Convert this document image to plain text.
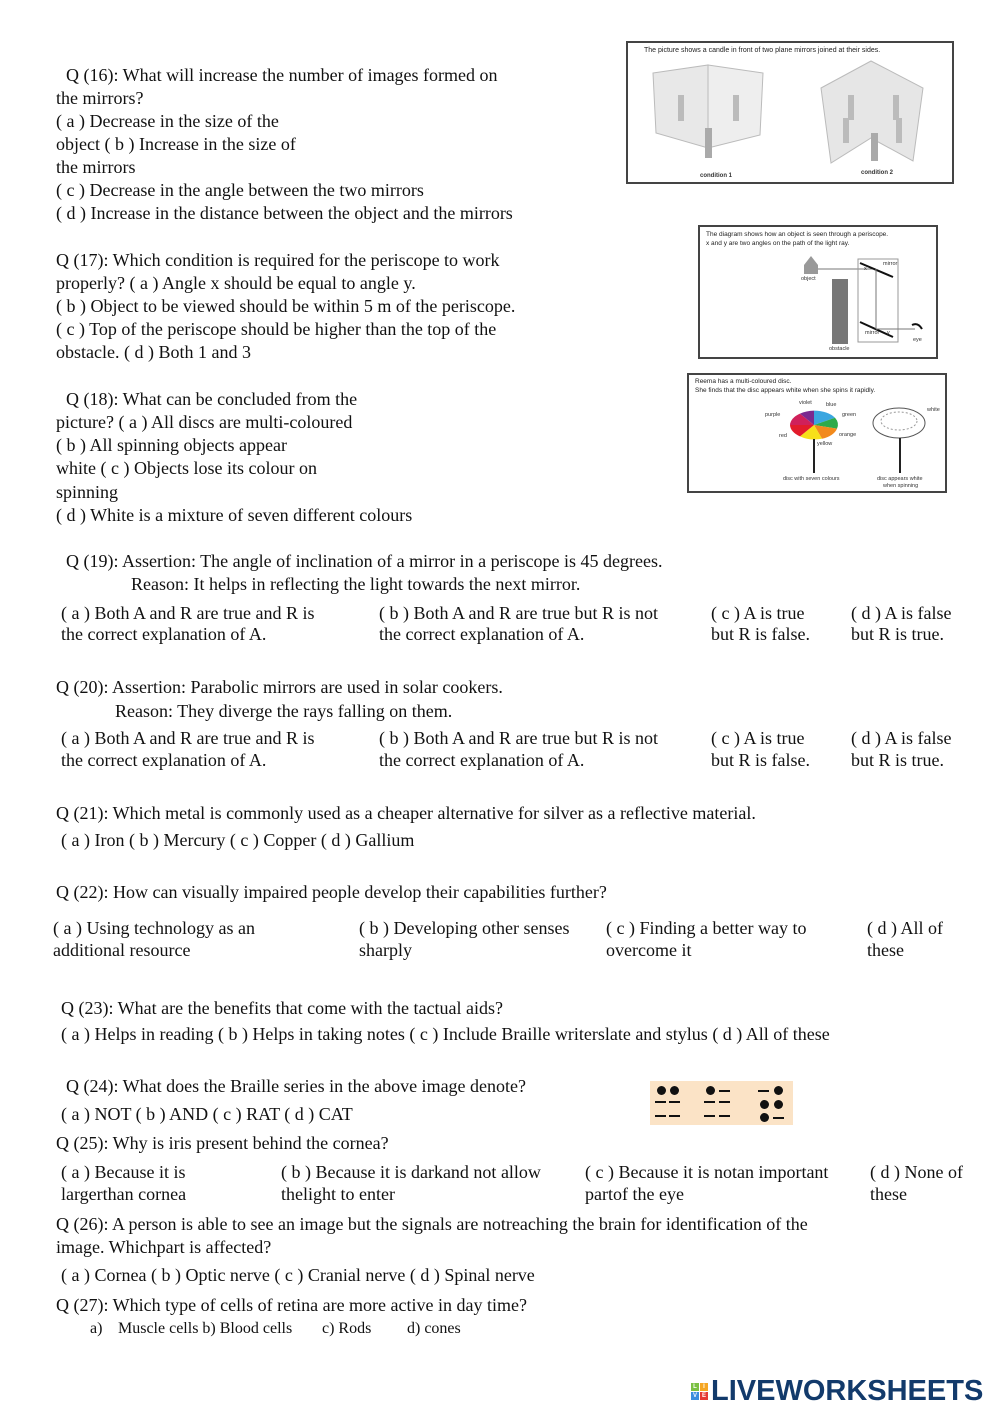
Q (16): What will increase the number of images formed on
the mirrors?
( a ) Decrease in the size of the
object ( b ) Increase in the size of
the mirrors
( c ) Decrease in the angle between the two mirrors
( d ) Increase in the distance between the object and the mirrors
The picture shows a candle in front of two plane mirrors joined at their sides.
condition 1	condition 2
Q (17): Which condition is required for the periscope to work
properly? ( a ) Angle x should be equal to angle y.
( b ) Object to be viewed should be within 5 m of the periscope.
( c ) Top of the periscope should be higher than the top of the
obstacle. ( d ) Both 1 and 3
The diagram shows how an object is seen through a periscope.
x and y are two angles on the path of the light ray.
object
obstacle
mirror
mirror
x
y
eye
Q (18): What can be concluded from the
picture? ( a ) All discs are multi-coloured
( b ) All spinning objects appear
white ( c ) Objects lose its colour on
spinning
( d ) White is a mixture of seven different colours
Reema has a multi-coloured disc.
She finds that the disc appears white when she spins it rapidly.
violet	blue
green
orange
yellow
red
purple
white
disc with seven colours	disc appears white
when spinning
Q (19): Assertion: The angle of inclination of a mirror in a periscope is 45 degrees.
Reason: It helps in reflecting the light towards the next mirror.
( a ) Both A and R are true and R is
the correct explanation of A.
( b ) Both A and R are true but R is not
the correct explanation of A.
( c ) A is true
but R is false.
( d ) A is false
but R is true.
Q (20): Assertion: Parabolic mirrors are used in solar cookers.
Reason: They diverge the rays falling on them.
( a ) Both A and R are true and R is
the correct explanation of A.
( b ) Both A and R are true but R is not
the correct explanation of A.
( c ) A is true
but R is false.
( d ) A is false
but R is true.
Q (21): Which metal is commonly used as a cheaper alternative for silver as a reflective material.
( a ) Iron ( b ) Mercury ( c ) Copper ( d ) Gallium
Q (22): How can visually impaired people develop their capabilities further?
( a ) Using technology as an
additional resource
( b ) Developing other senses
sharply
( c ) Finding a better way to
overcome it
( d ) All of
these
Q (23): What are the benefits that come with the tactual aids?
( a ) Helps in reading ( b ) Helps in taking notes ( c ) Include Braille writerslate and stylus ( d ) All of these
Q (24): What does the Braille series in the above image denote?
( a ) NOT ( b ) AND ( c ) RAT ( d ) CAT
Q (25): Why is iris present behind the cornea?
( a ) Because it is
largerthan cornea
( b ) Because it is darkand not allow
thelight to enter
( c ) Because it is notan important
partof the eye
( d ) None of
these
Q (26): A person is able to see an image but the signals are notreaching the brain for identification of the
image. Whichpart is affected?
( a ) Cornea ( b ) Optic nerve ( c ) Cranial nerve ( d ) Spinal nerve
Q (27): Which type of cells of retina are more active in day time?
a) Muscle cells b) Blood cells c) Rods d) cones
L	I
V E LIVEWORKSHEETS
